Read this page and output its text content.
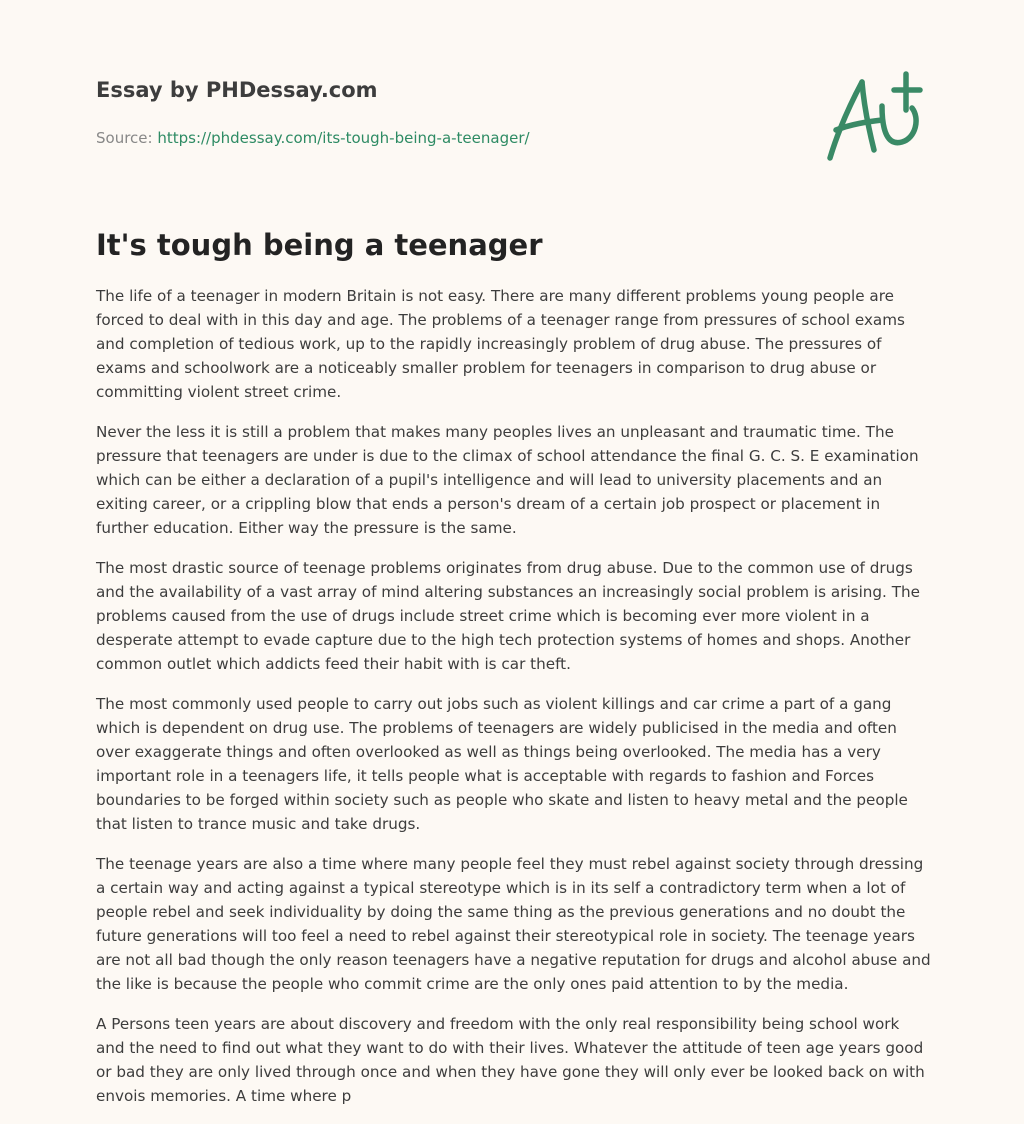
Essay by PHDessay.com
Source: https://phdessay.com/its-tough-being-a-teenager/
It's tough being a teenager

The life of a teenager in modern Britain is not easy. There are many different problems young people are forced to deal with in this day and age. The problems of a teenager range from pressures of school exams and completion of tedious work, up to the rapidly increasingly problem of drug abuse. The pressures of exams and schoolwork are a noticeably smaller problem for teenagers in comparison to drug abuse or committing violent street crime.

Never the less it is still a problem that makes many peoples lives an unpleasant and traumatic time. The pressure that teenagers are under is due to the climax of school attendance the final G. C. S. E examination which can be either a declaration of a pupil's intelligence and will lead to university placements and an exiting career, or a crippling blow that ends a person's dream of a certain job prospect or placement in further education. Either way the pressure is the same.

The most drastic source of teenage problems originates from drug abuse. Due to the common use of drugs and the availability of a vast array of mind altering substances an increasingly social problem is arising. The problems caused from the use of drugs include street crime which is becoming ever more violent in a desperate attempt to evade capture due to the high tech protection systems of homes and shops. Another common outlet which addicts feed their habit with is car theft.

The most commonly used people to carry out jobs such as violent killings and car crime a part of a gang which is dependent on drug use. The problems of teenagers are widely publicised in the media and often over exaggerate things and often overlooked as well as things being overlooked. The media has a very important role in a teenagers life, it tells people what is acceptable with regards to fashion and Forces boundaries to be forged within society such as people who skate and listen to heavy metal and the people that listen to trance music and take drugs.

The teenage years are also a time where many people feel they must rebel against society through dressing a certain way and acting against a typical stereotype which is in its self a contradictory term when a lot of people rebel and seek individuality by doing the same thing as the previous generations and no doubt the future generations will too feel a need to rebel against their stereotypical role in society. The teenage years are not all bad though the only reason teenagers have a negative reputation for drugs and alcohol abuse and the like is because the people who commit crime are the only ones paid attention to by the media.

A Persons teen years are about discovery and freedom with the only real responsibility being school work and the need to find out what they want to do with their lives. Whatever the attitude of teen age years good or bad they are only lived through once and when they have gone they will only ever be looked back on with envois memories. A time where p
